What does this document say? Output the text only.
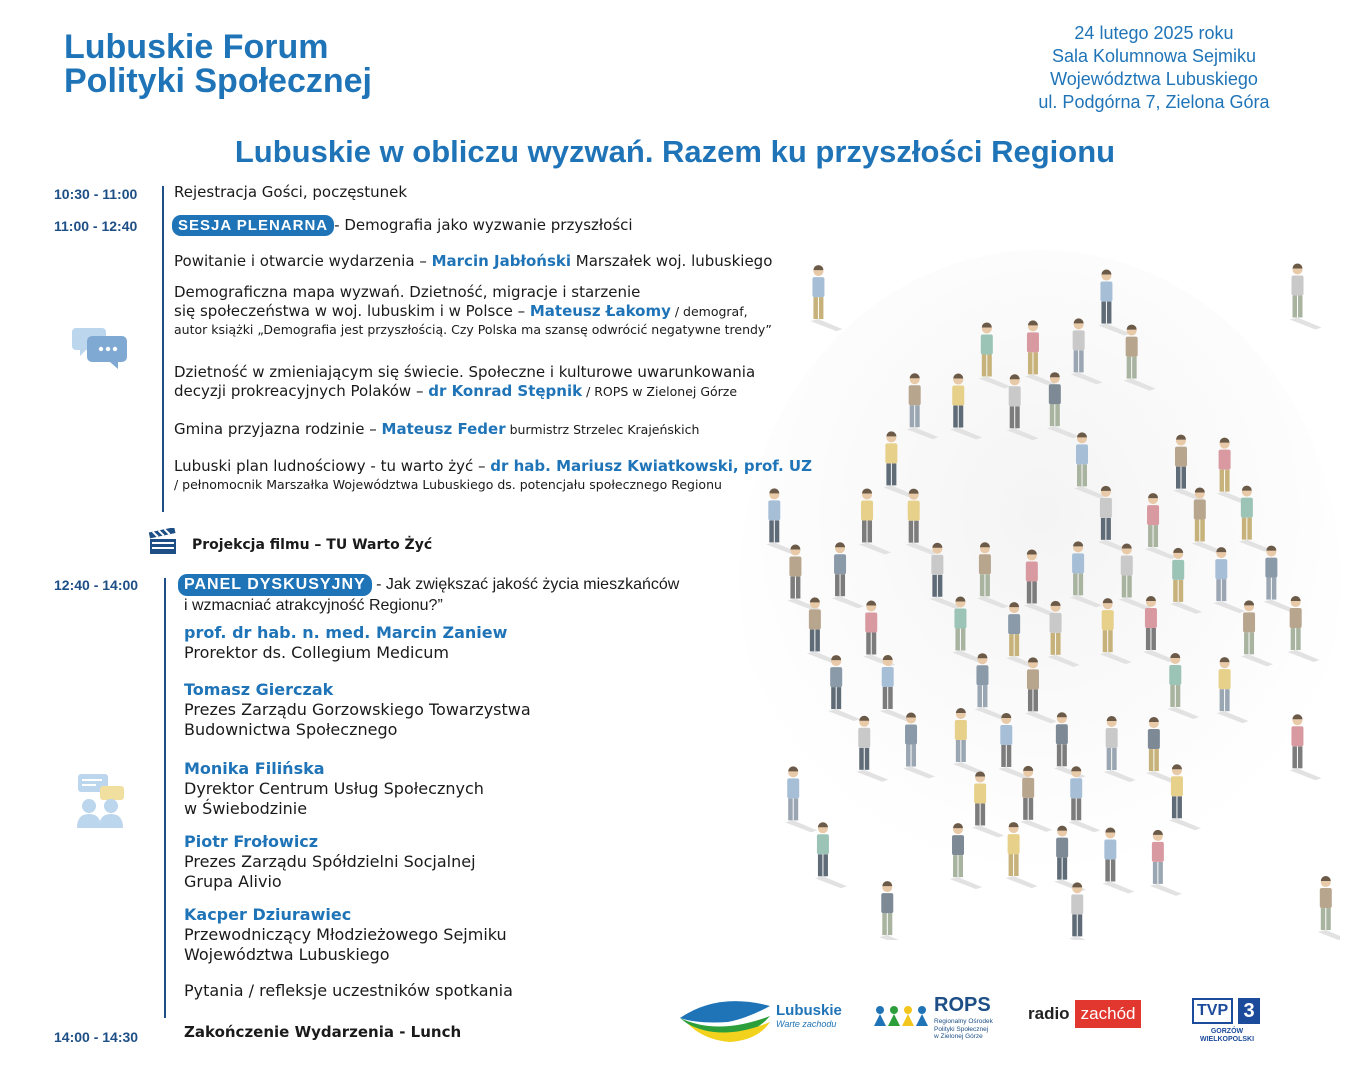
Lubuskie Forum
Polityki Społecznej
24 lutego 2025 roku
Sala Kolumnowa Sejmiku
Województwa Lubuskiego
ul. Podgórna 7, Zielona Góra
Lubuskie w obliczu wyzwań. Razem ku przyszłości Regionu
10:30 - 11:00 Rejestracja Gości, poczęstunek
11:00 - 12:40	SESJA PLENARNA - Demografia jako wyzwanie przyszłości
Powitanie i otwarcie wydarzenia – Marcin Jabłoński Marszałek woj. lubuskiego
Demograficzna mapa wyzwań. Dzietność, migracje i starzenie
się społeczeństwa w woj. lubuskim i w Polsce – Mateusz Łakomy / demograf,
autor książki „Demografia jest przyszłością. Czy Polska ma szansę odwrócić negatywne trendy”
Dzietność w zmieniającym się świecie. Społeczne i kulturowe uwarunkowania
decyzji prokreacyjnych Polaków – dr Konrad Stępnik / ROPS w Zielonej Górze
Gmina przyjazna rodzinie – Mateusz Feder burmistrz Strzelec Krajeńskich
Lubuski plan ludnościowy - tu warto żyć – dr hab. Mariusz Kwiatkowski, prof. UZ
/ pełnomocnik Marszałka Województwa Lubuskiego ds. potencjału społecznego Regionu
Projekcja filmu – TU Warto Żyć
12:40 - 14:00	PANEL DYSKUSYJNY - Jak zwiększać jakość życia mieszkańców
i wzmacniać atrakcyjność Regionu?”
prof. dr hab. n. med. Marcin Zaniew
Prorektor ds. Collegium Medicum
Tomasz Gierczak
Prezes Zarządu Gorzowskiego Towarzystwa
Budownictwa Społecznego
Monika Filińska
Dyrektor Centrum Usług Społecznych
w Świebodzinie
Piotr Frołowicz
Prezes Zarządu Spółdzielni Socjalnej
Grupa Alivio
Kacper Dziurawiec
Przewodniczący Młodzieżowego Sejmiku
Województwa Lubuskiego
Pytania / refleksje uczestników spotkania
14:00 - 14:30	Zakończenie Wydarzenia - Lunch
Lubuskie
Warte zachodu
ROPS
Regionalny Ośrodek
Polityki Społecznej
w Zielonej Górze
radio zachód	TVP 3
GORZÓW
WIELKOPOLSKI
